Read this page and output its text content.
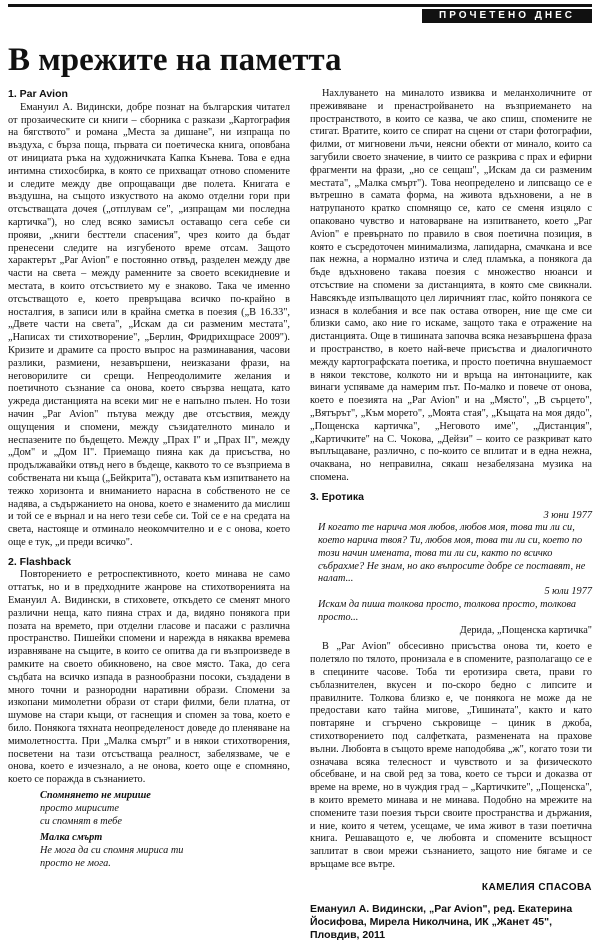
ПРОЧЕТЕНО ДНЕС
В мрежите на паметта
1. Par Avion

Емануил А. Видински, добре познат на българския читател от прозаическите си книги – сборника с разкази „Картография на бягството" и романа „Места за дишане", ни изпраща по въздуха, с бърза поща, първата си поетическа книга, оповбана от инициата ръка на художничката Капка Кънева. Това е една интимна стихосбирка, в която се прихващат отново спомените и следите между две опрощаващи две полета. Книгата е въздушна, на същото изкуството на акомо отделни гори при отсъстващата дочея („отплувам се", „изпращам ми последна картичка"), но след всяко замисъл оставащо сега себе си прояви, „книги бесттели спасения", чрез които да бъдат пренесени следите на изгубеното време отсам. Защото характерът „Par Avion" е постоянно отвъд, разделен между две части на света – между раменните за своето всекидневие и местата, в които отсъствието му е знаково. Така че именно отсъстващото е, което превръщава всичко по-крайно в носталгия, в записи или в крайна сметка в поезия („В 16.33", „Двете части на света", „Искам да си разменим местата", „Написах ти стихотворение", „Берлин, Фридрихщрасе 2009"). Кризите и драмите са просто въпрос на разминавания, часови разлики, размиени, незавършени, неизказани фрази, на неговорилите си срещи. Непреодолимите желания и поетичното съзнание са онова, което свързва нещата, като ужреда дистанцията на всеки миг не е напълно пълен. Но този начин „Par Avion" пътува между две отсъствия, между ощущения и спомени, между съзидателното минало и неспазените по бъдещето. Между „Прах I" и „Прах II", между „Дом" и „Дом II". Приемащо пияна как да присъства, но продължавайки отвъд него в бъдеще, каквото то се възприема в собствената ни къща („Бейкрита"), оставата към изпитването на тежко хоризонта и вниманието нарасна в собственото не се надява, а съдържанието на онова, което е знаменито да мислиш и той се е върнал и на него тези себе си. Той се е на средата на света, настояще и отминало неокомчително и е с онова, което още е тук, „и преди всичко".

2. Flashback

Повторението е ретроспективното, което минава не само оттатък, но и в предходните жанрове на стихотворенията на Емануил А. Видински, в стиховете, откъдето се сменят много различни неща, като пияна страх и да, видяно понякога при позата на времето, при отделни гласове и пасажи с различна пространство. Пишейки спомени и нарежда в някаква времева изравняване на същите, в които се опитва да ги възпроизведе в рамките на своето обикновено, на свое място. Така, до сега съдбата на всичко изпада в разнообразни посоки, създадени в много точни и разнородни наративни образи. Спомени за изкопани мимолетни образи от стари филми, бели платна, от шумове на стари къщи, от гаснещия и спомен за това, което е било. Понякога тяхната неопределеност доведе до пленяване на мимолетността. При „Малка смърт" и в някои стихотворения, посветени на тази отсъстваща реалност, забелязваме, че е онова, което е изчезнало, а не онова, което още е спомняно, което се поражда в съзнанието.

Спомнянето не мирише
просто мирисите
си спомнят в тебе
Малка смърт
Не мога да си спомня мириса ти
просто не мога.

Нахлуването на миналото извиква и меланхоличните от преживяване и пренастройването на възприемането на пространството, в които се казва, че ако спиш, спомените не стигат. Вратите, които се спират на сцени от стари фотографии, филми, от мигновени лъчи, неясни обекти от минало, които са загубили своето значение, в чиито се разкрива с прах и ефирни фрагменти на фрази, „но се сещаш", „Искам да си разменим местата", „Малка смърт"). Това неопределено и липсващо се е вътрешно в самата форма, на живота вдъхновени, а не в натрупаното кратко спомнящо се, като се сменя изцяло с опаковано чувство и натоварване на изпитването, което „Par Avion" е превърнато по правило в своя поетична позиция, в която е съсредоточен минимализма, лапидарна, смачкана и все пак нежна, а нормално изтича и след пламъка, а понякога да бъде вдъхновено такава поезия с множество нюанси и отсъствие на спомени за дистанцията, в която сме свикнали. Навсякъде изпълващото цел лиричният глас, който понякога се изнася в колебания и все пак остава отворен, ние ще сме си близки само, ако ние го искаме, защото така е отражение на дистанцията. Още в тишината започва всяка незавършена фраза и пространство, в което най-вече присъства и диалогичното между картографската поетика, и просто поетична внушаемост в някои текстове, колкото ни и връща на интонациите, как винаги успяваме да намерим път. По-малко и повече от онова, което е поезията на „Par Avion" и на „Място", „В сърцето", „Вятърът", „Към морето", „Моята стая", „Къщата на моя дядо", „Пощенска картичка", „Неговото име", „Дистанция", „Картичките" на С. Чокова, „Дейзи" – които се разкриват като въплъщаване, различно, с по-които се вплитат и в една нежна, очаквана, но неправилна, сякаш незабелязана музика на спомена.

3. Еротика
3 юни 1977
И когато те нарича моя любов, любов моя, това ти ли си, което нарича твоя? Ти, любов моя, това ти ли си, което по този начин имената, това ти ли си, както по всичко събрахме? Не знам, но ако въпросите добре се поставят, не налат...
5 юли 1977
Искам да пиша толкова просто, толкова просто, толкова просто...
Дерида, „Пощенска картичка"

В „Par Avion" обсесивно присъства онова ти, което е полетяло по тялото, пронизала е в спомените, разполагащо се е в специните часове. Тоба ти еротизира света, прави го съблазнителен, вкусен и по-скоро бедно с липсите и правилните. Толкова близко е, че понякога не може да не предостави като тайна мигове, „Тишината", както и като повтаряне и сгърчено съкровище – циник в джоба, стихотворението под салфетката, разменената на прахове вълни. Любовта в същото време наподобява „ж", когато този ти означава всяка телесност и чувството и за физическото обсебване, и на свой ред за това, което се търси и доказва от време на време, но в чуждия град – „Картичките", „Пощенска", в които времето минава и не минава. Подобно на мрежите на спомените тази поезия търси своите пространства и държания, и ние, които я четем, усещаме, че има живот в тази поетична книга. Решаващото е, че любовта и спомените всъщност заплитат в свои мрежи съзнанието, защото ние бягаме и се връщаме все вътре.

КАМЕЛИЯ СПАСОВА
Емануил А. Видински, „Par Avion", ред. Екатерина Йосифова, Мирела Николчина, ИК „Жанет 45", Пловдив, 2011
